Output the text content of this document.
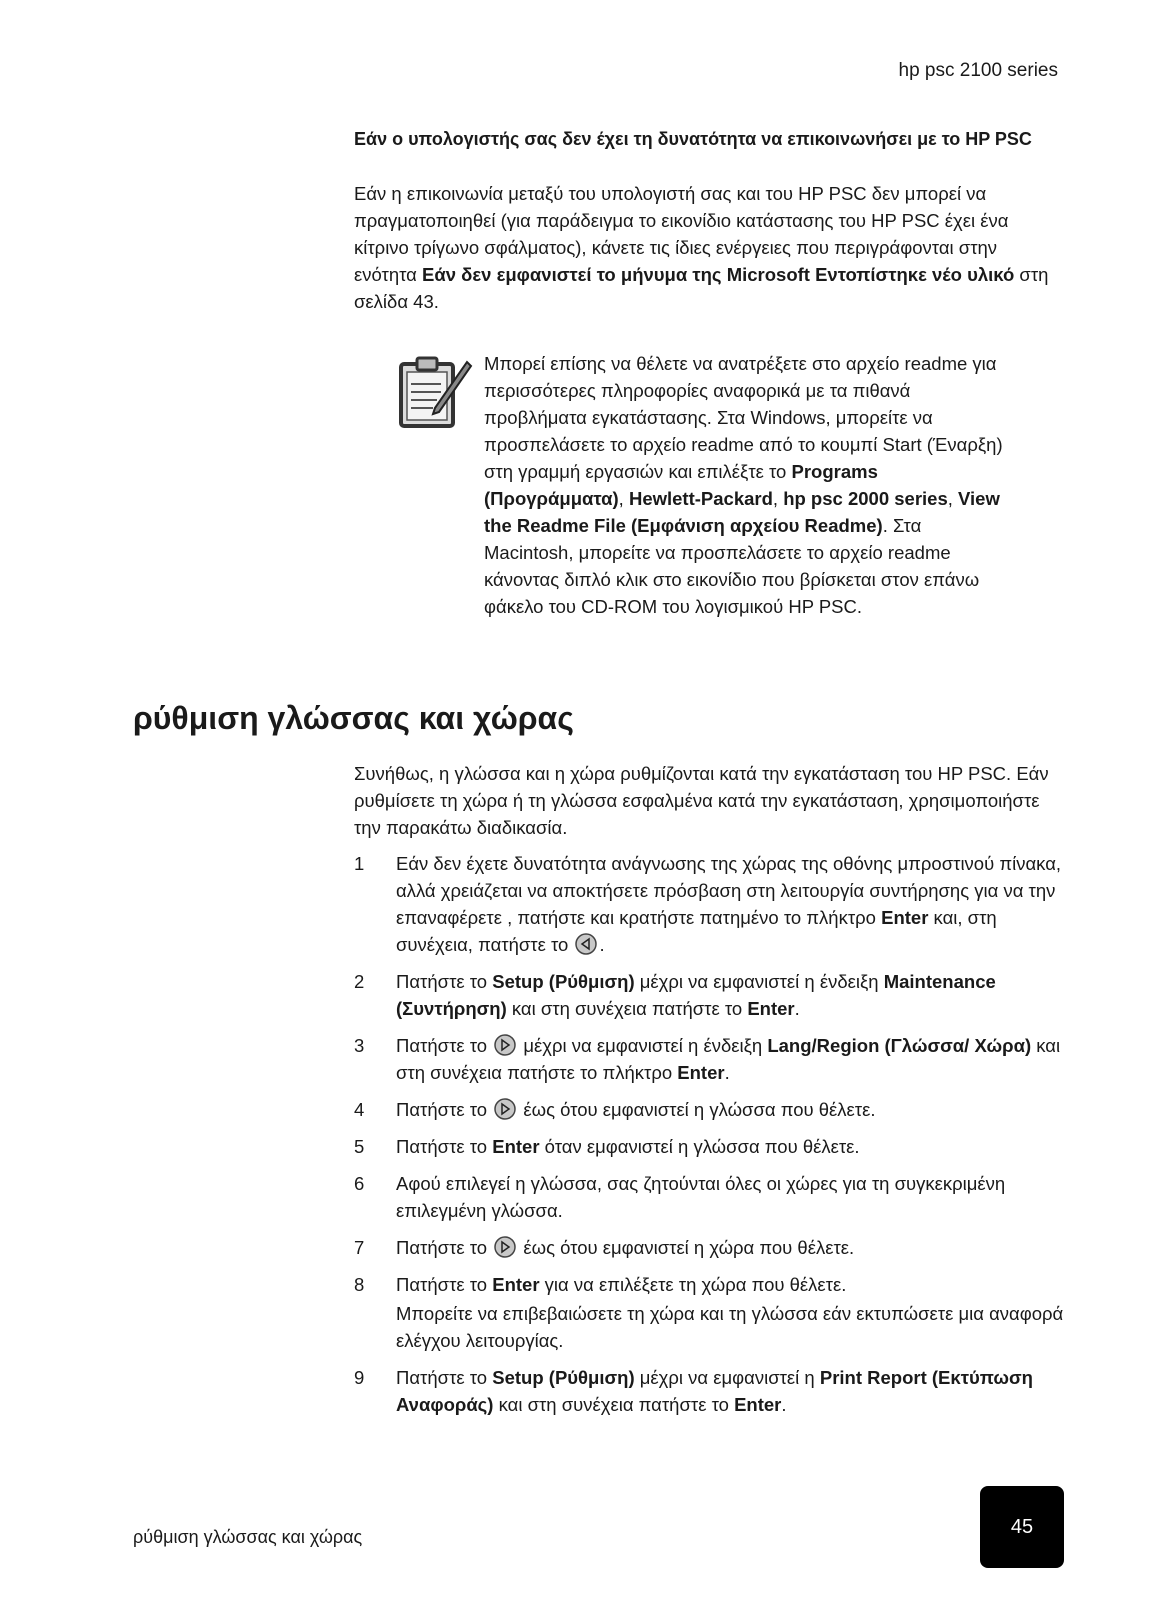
hp psc 2100 series
Εάν ο υπολογιστής σας δεν έχει τη δυνατότητα να επικοινωνήσει με το HP PSC

Εάν η επικοινωνία μεταξύ του υπολογιστή σας και του HP PSC δεν μπορεί να πραγματοποιηθεί (για παράδειγμα το εικονίδιο κατάστασης του HP PSC έχει ένα κίτρινο τρίγωνο σφάλματος), κάνετε τις ίδιες ενέργειες που περιγράφονται στην ενότητα Εάν δεν εμφανιστεί το μήνυμα της Microsoft Εντοπίστηκε νέο υλικό στη σελίδα 43.

Μπορεί επίσης να θέλετε να ανατρέξετε στο αρχείο readme για περισσότερες πληροφορίες αναφορικά με τα πιθανά προβλήματα εγκατάστασης. Στα Windows, μπορείτε να προσπελάσετε το αρχείο readme από το κουμπί Start (Έναρξη) στη γραμμή εργασιών και επιλέξτε το Programs (Προγράμματα), Hewlett-Packard, hp psc 2000 series, View the Readme File (Εμφάνιση αρχείου Readme). Στα Macintosh, μπορείτε να προσπελάσετε το αρχείο readme κάνοντας διπλό κλικ στο εικονίδιο που βρίσκεται στον επάνω φάκελο του CD-ROM του λογισμικού HP PSC.

ρύθμιση γλώσσας και χώρας

Συνήθως, η γλώσσα και η χώρα ρυθμίζονται κατά την εγκατάσταση του HP PSC. Εάν ρυθμίσετε τη χώρα ή τη γλώσσα εσφαλμένα κατά την εγκατάσταση, χρησιμοποιήστε την παρακάτω διαδικασία.

1	Εάν δεν έχετε δυνατότητα ανάγνωσης της χώρας της οθόνης μπροστινού πίνακα, αλλά χρειάζεται να αποκτήσετε πρόσβαση στη λειτουργία συντήρησης για να την επαναφέρετε , πατήστε και κρατήστε πατημένο το πλήκτρο Enter και, στη συνέχεια, πατήστε το .
2	Πατήστε το Setup (Ρύθμιση) μέχρι να εμφανιστεί η ένδειξη Maintenance (Συντήρηση) και στη συνέχεια πατήστε το Enter.
3	Πατήστε το  μέχρι να εμφανιστεί η ένδειξη Lang/Region (Γλώσσα/ Χώρα) και στη συνέχεια πατήστε το πλήκτρο Enter.
4	Πατήστε το  έως ότου εμφανιστεί η γλώσσα που θέλετε.
5	Πατήστε το Enter όταν εμφανιστεί η γλώσσα που θέλετε.
6	Αφού επιλεγεί η γλώσσα, σας ζητούνται όλες οι χώρες για τη συγκεκριμένη επιλεγμένη γλώσσα.
7	Πατήστε το  έως ότου εμφανιστεί η χώρα που θέλετε.
8	Πατήστε το Enter για να επιλέξετε τη χώρα που θέλετε.

Μπορείτε να επιβεβαιώσετε τη χώρα και τη γλώσσα εάν εκτυπώσετε μια αναφορά ελέγχου λειτουργίας.

9	Πατήστε το Setup (Ρύθμιση) μέχρι να εμφανιστεί η Print Report (Εκτύπωση Αναφοράς) και στη συνέχεια πατήστε το Enter.
ρύθμιση γλώσσας και χώρας	45
